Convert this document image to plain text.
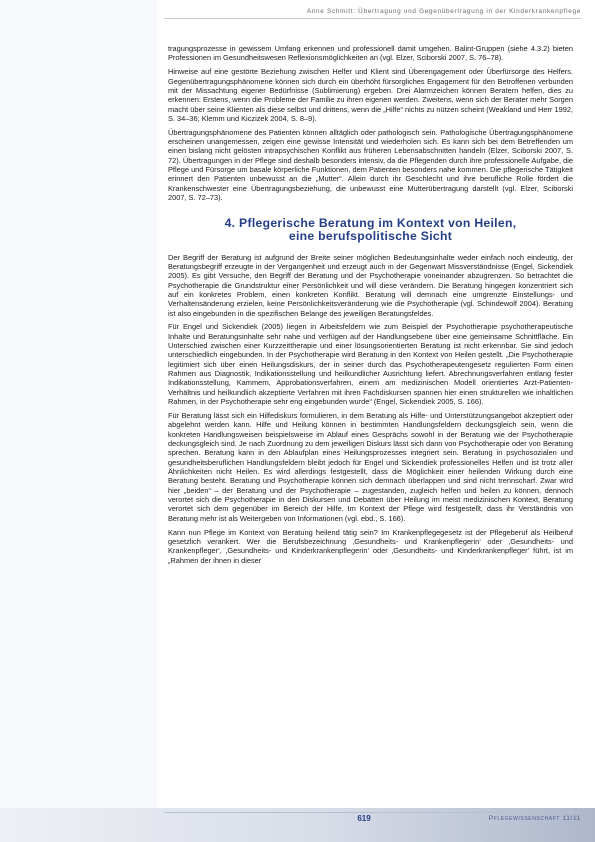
Anne Schmitt: Übertragung und Gegenübertragung in der Kinderkrankenpflege

tragungsprozesse in gewissem Umfang erkennen und professionell damit umgehen. Balint-Gruppen (siehe 4.3.2) bieten Professionen im Gesundheitswesen Reflexionsmöglichkeiten an (vgl. Elzer, Sciborski 2007, S. 76–78).

Hinweise auf eine gestörte Beziehung zwischen Helfer und Klient sind Überengagement oder Überfürsorge des Helfers. Gegenübertragungsphänomene können sich durch ein überhöht fürsorgliches Engagement für den Betroffenen verbunden mit der Missachtung eigener Bedürfnisse (Sublimierung) ergeben. Drei Alarmzeichen können Beratern helfen, dies zu erkennen: Erstens, wenn die Probleme der Familie zu ihren eigenen werden. Zweitens, wenn sich der Berater mehr Sorgen macht über seine Klienten als diese selbst und drittens, wenn die „Hilfe“ nichts zu nützen scheint (Weakland und Herr 1992, S. 34–36; Klemm und Kiczizek 2004, S. 8–9).

Übertragungsphänomene des Patienten können alltäglich oder pathologisch sein. Pathologische Übertragungsphänomene erscheinen unangemessen, zeigen eine gewisse Intensität und wiederholen sich. Es kann sich bei dem Betreffenden um einen bislang nicht gelösten intrapsychischen Konflikt aus früheren Lebensabschnitten handeln (Elzer, Sciborski 2007, S. 72). Übertragungen in der Pflege sind deshalb besonders intensiv, da die Pflegenden durch ihre professionelle Aufgabe, die Pflege und Fürsorge um basale körperliche Funktionen, dem Patienten besonders nahe kommen. Die pflegerische Tätigkeit erinnert den Patienten unbewusst an die „Mutter“. Allein durch ihr Geschlecht und ihre berufliche Rolle fördert die Krankenschwester eine Übertragungsbeziehung, die unbewusst eine Mutterübertragung darstellt (vgl. Elzer, Sciborski 2007, S. 72–73).

4. Pflegerische Beratung im Kontext von Heilen,
eine berufspolitische Sicht

Der Begriff der Beratung ist aufgrund der Breite seiner möglichen Bedeutungsinhalte weder einfach noch eindeutig, der Beratungsbegriff erzeugte in der Vergangenheit und erzeugt auch in der Gegenwart Missverständnisse (Engel, Sickendiek 2005). Es gibt Versuche, den Begriff der Beratung und der Psychotherapie voneinander abzugrenzen. So betrachtet die Psychotherapie die Grundstruktur einer Persönlichkeit und will diese verändern. Die Beratung hingegen konzentriert sich auf ein konkretes Problem, einen konkreten Konflikt. Beratung will demnach eine umgrenzte Einstellungs- und Verhaltensänderung erzielen, keine Persönlichkeitsveränderung wie die Psychotherapie (vgl. Schindewolf 2004). Beratung ist also eingebunden in die spezifischen Belange des jeweiligen Beratungsfeldes.

Für Engel und Sickendiek (2005) liegen in Arbeitsfeldern wie zum Beispiel der Psychotherapie psychotherapeutische Inhalte und Beratungsinhalte sehr nahe und verfügen auf der Handlungsebene über eine gemeinsame Schnittfläche. Ein Unterschied zwischen einer Kurzzeittherapie und einer lösungsorientierten Beratung ist nicht erkennbar. Sie sind jedoch unterschiedlich eingebunden. In der Psychotherapie wird Beratung in den Kontext von Heilen gestellt. „Die Psychotherapie legitimiert sich über einen Heilungsdiskurs, der in seiner durch das Psychotherapeutengesetz regulierten Form einen Rahmen aus Diagnostik, Indikationsstellung und heilkundlicher Ausrichtung liefert. Abrechnungsverfahren entlang fester Indikationsstellung, Kammern, Approbationsverfahren, einem am medizinischen Modell orientiertes Arzt-Patienten-Verhältnis und heilkundlich akzeptierte Verfahren mit ihren Fachdiskursen spannen hier einen strukturellen wie inhaltlichen Rahmen, in der Psychotherapie sehr eng eingebunden wurde“ (Engel, Sickendiek 2005, S. 166).

Für Beratung lässt sich ein Hilfediskurs formulieren, in dem Beratung als Hilfe- und Unterstützungsangebot akzeptiert oder abgelehnt werden kann. Hilfe und Heilung können in bestimmten Handlungsfeldern deckungsgleich sein, wenn die konkreten Handlungsweisen beispielsweise im Ablauf eines Gesprächs sowohl in der Beratung wie der Psychotherapie deckungsgleich sind. Je nach Zuordnung zu dem jeweiligen Diskurs lässt sich dann von Psychotherapie oder von Beratung sprechen. Beratung kann in den Ablaufplan eines Heilungsprozesses integriert sein. Beratung in psychosozialen und gesundheitsberuflichen Handlungsfeldern bleibt jedoch für Engel und Sickendiek professionelles Helfen und ist trotz aller Ähnlichkeiten nicht Heilen. Es wird allerdings festgestellt, dass die Möglichkeit einer heilenden Wirkung durch eine Beratung besteht. Beratung und Psychotherapie können sich demnach überlappen und sind nicht trennscharf. Zwar wird hier „beiden“ – der Beratung und der Psychotherapie – zugestanden, zugleich helfen und heilen zu können, dennoch verortet sich die Psychotherapie in den Diskursen und Debatten über Heilung im meist medizinischen Kontext, Beratung verortet sich dem gegenüber im Bereich der Hilfe. Im Kontext der Pflege wird festgestellt, dass ihr Verständnis von Beratung mehr ist als Weitergeben von Informationen (vgl. ebd., S. 166).

Kann nun Pflege im Kontext von Beratung heilend tätig sein? Im Krankenpflegegesetz ist der Pflegeberuf als Heilberuf gesetzlich verankert. Wer die Berufsbezeichnung ‚Gesundheits- und Krankenpflegerin‘ oder ‚Gesundheits- und Krankenpfleger‘, ‚Gesundheits- und Kinderkrankenpflegerin‘ oder ‚Gesundheits- und Kinderkrankenpfleger‘ führt, ist im „Rahmen der ihnen in dieser

619	Pflegewissenschaft 11/11
